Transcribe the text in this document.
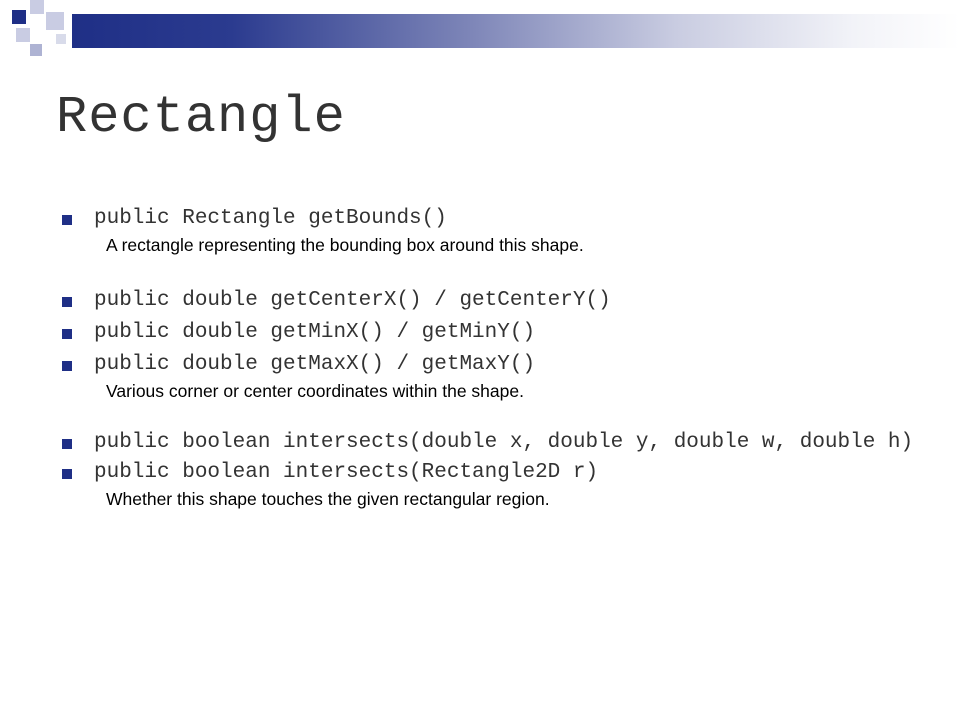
Rectangle
public Rectangle getBounds()
A rectangle representing the bounding box around this shape.
public double getCenterX() / getCenterY()
public double getMinX() / getMinY()
public double getMaxX() / getMaxY()
Various corner or center coordinates within the shape.
public boolean intersects(double x, double y, double w, double h)
public boolean intersects(Rectangle2D r)
Whether this shape touches the given rectangular region.
